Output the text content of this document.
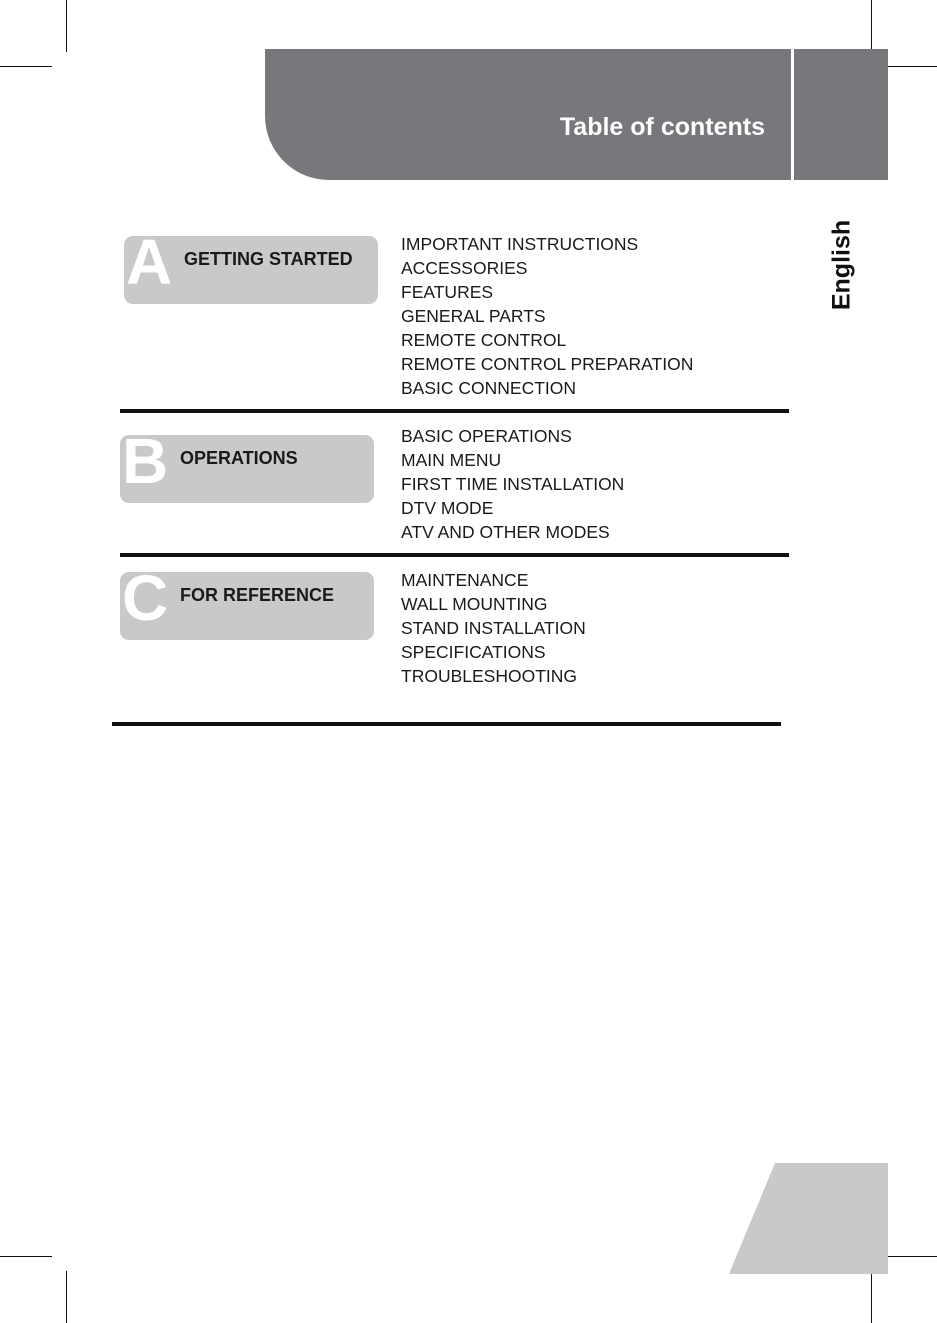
Table of contents
English
A GETTING STARTED
IMPORTANT INSTRUCTIONS
ACCESSORIES
FEATURES
GENERAL PARTS
REMOTE CONTROL
REMOTE CONTROL PREPARATION
BASIC CONNECTION
B OPERATIONS
BASIC OPERATIONS
MAIN MENU
FIRST TIME INSTALLATION
DTV MODE
ATV AND OTHER MODES
C FOR REFERENCE
MAINTENANCE
WALL MOUNTING
STAND INSTALLATION
SPECIFICATIONS
TROUBLESHOOTING
